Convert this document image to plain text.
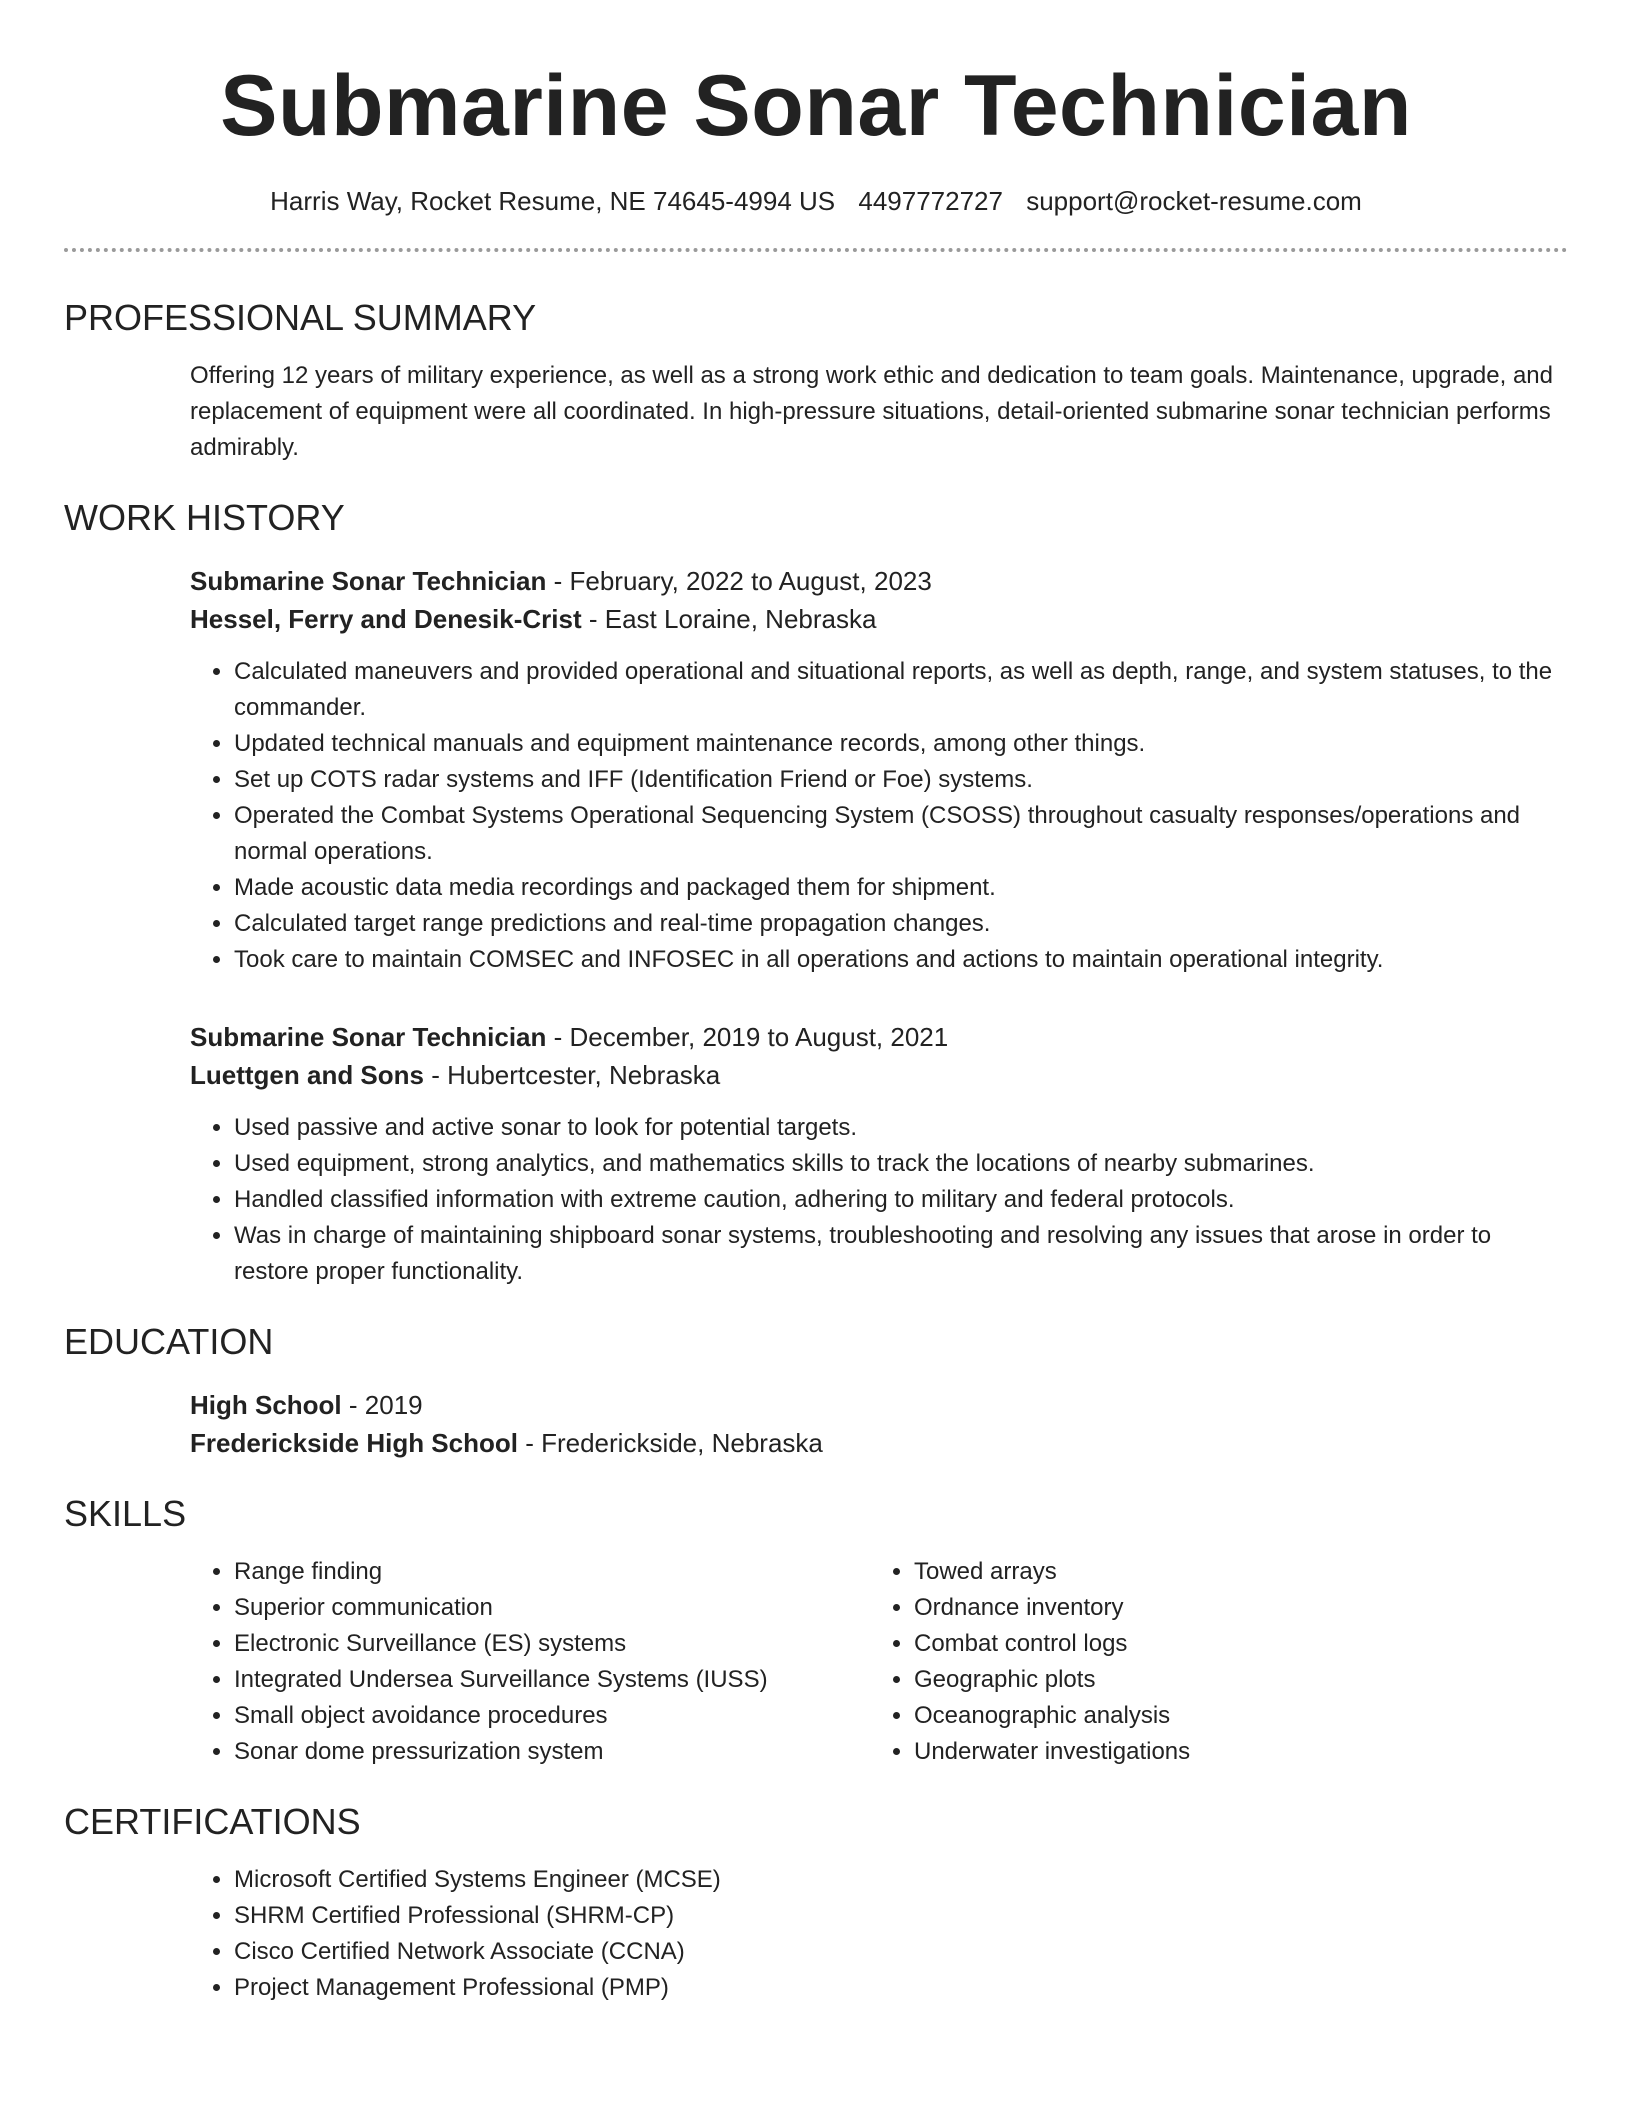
Submarine Sonar Technician
Harris Way, Rocket Resume, NE 74645-4994 US 4497772727 support@rocket-resume.com
PROFESSIONAL SUMMARY
Offering 12 years of military experience, as well as a strong work ethic and dedication to team goals. Maintenance, upgrade, and replacement of equipment were all coordinated. In high-pressure situations, detail-oriented submarine sonar technician performs admirably.
WORK HISTORY
Submarine Sonar Technician - February, 2022 to August, 2023
Hessel, Ferry and Denesik-Crist - East Loraine, Nebraska
• Calculated maneuvers and provided operational and situational reports, as well as depth, range, and system statuses, to the commander.
• Updated technical manuals and equipment maintenance records, among other things.
• Set up COTS radar systems and IFF (Identification Friend or Foe) systems.
• Operated the Combat Systems Operational Sequencing System (CSOSS) throughout casualty responses/operations and normal operations.
• Made acoustic data media recordings and packaged them for shipment.
• Calculated target range predictions and real-time propagation changes.
• Took care to maintain COMSEC and INFOSEC in all operations and actions to maintain operational integrity.
Submarine Sonar Technician - December, 2019 to August, 2021
Luettgen and Sons - Hubertcester, Nebraska
• Used passive and active sonar to look for potential targets.
• Used equipment, strong analytics, and mathematics skills to track the locations of nearby submarines.
• Handled classified information with extreme caution, adhering to military and federal protocols.
• Was in charge of maintaining shipboard sonar systems, troubleshooting and resolving any issues that arose in order to restore proper functionality.
EDUCATION
High School - 2019
Frederickside High School - Frederickside, Nebraska
SKILLS
• Range finding
• Superior communication
• Electronic Surveillance (ES) systems
• Integrated Undersea Surveillance Systems (IUSS)
• Small object avoidance procedures
• Sonar dome pressurization system
• Towed arrays
• Ordnance inventory
• Combat control logs
• Geographic plots
• Oceanographic analysis
• Underwater investigations
CERTIFICATIONS
• Microsoft Certified Systems Engineer (MCSE)
• SHRM Certified Professional (SHRM-CP)
• Cisco Certified Network Associate (CCNA)
• Project Management Professional (PMP)
